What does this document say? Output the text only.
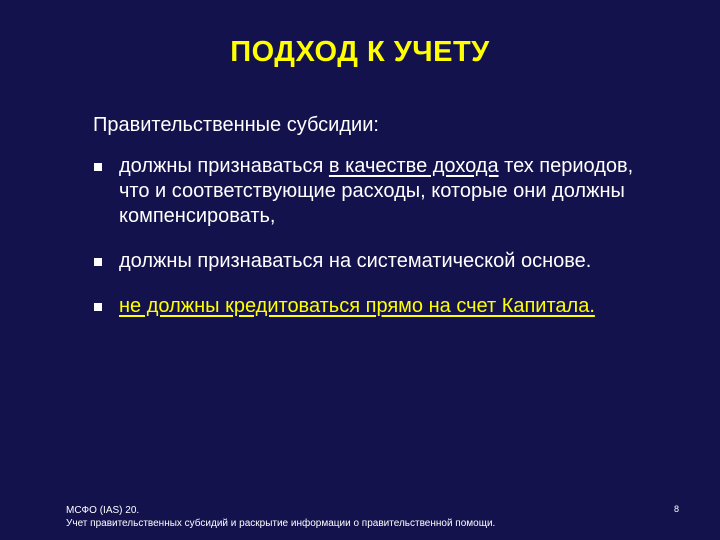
ПОДХОД К УЧЕТУ
Правительственные субсидии:
должны признаваться в качестве дохода тех периодов, что и соответствующие расходы, которые они должны компенсировать,
должны признаваться на систематической основе.
не должны кредитоваться прямо на счет Капитала.
МСФО (IAS) 20.
Учет правительственных субсидий и раскрытие информации о правительственной помощи.
8
